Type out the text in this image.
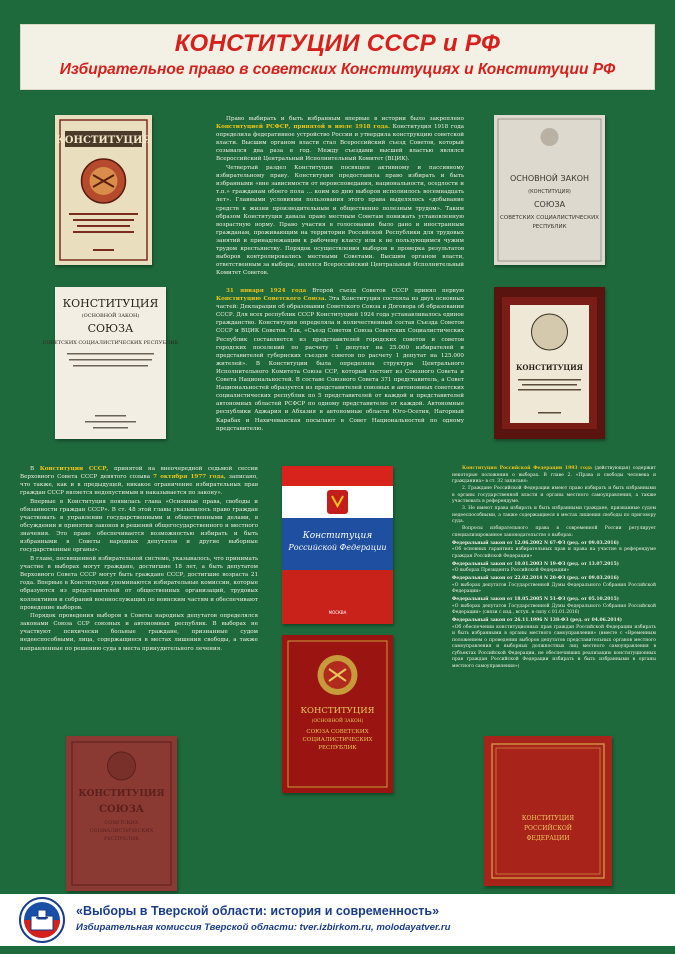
КОНСТИТУЦИИ СССР и РФ
Избирательное право в советских Конституциях и Конституции РФ
КОНСТИТУЦИЯ

Право выбирать и быть избранным впервые в истории было закреплено Конституцией РСФСР, принятой в июле 1918 года. Конституция 1918 года определила федеративное устройство России и утвердила конструкцию советской власти. Высшим органом власти стал Всероссийский съезд Советов, который созывался два раза в год. Между съездами высшей властью являлся Всероссийский Центральный Исполнительный Комитет (ВЦИК).

Четвертый раздел Конституции посвящен активному и пассивному избирательному праву. Конституция предоставила право избирать и быть избранными «вне зависимости от вероисповедания, национальности, оседлости и т.п.» гражданам обоего пола … коим ко дню выборов исполнилось восемнадцать лет». Главными условиями пользования этого права выделялось «добывание средств к жизни производительным и общественно полезным трудом». Таким образом Конституция давала право местным Советам понижать установленную возрастную норму. Право участия в голосовании было дано и иностранным гражданам, проживающим на территории Российской Республики для трудовых занятий и принадлежащим к рабочему классу или к не пользующимся чужим трудом крестьянству. Порядок осуществления выборов и проверка результатов выборов контролировались местными Советами. Высшим органом власти, ответственным за выборы, являлся Всероссийский Центральный Исполнительный Комитет Советов.

ОСНОВНОЙ ЗАКОН
(КОНСТИТУЦИЯ)
СОЮЗА
СОВЕТСКИХ СОЦИАЛИСТИЧЕСКИХ
РЕСПУБЛИК
КОНСТИТУЦИЯ
(ОСНОВНОЙ ЗАКОН)
СОЮЗА
СОВЕТСКИХ СОЦИАЛИСТИЧЕСКИХ РЕСПУБЛИК

31 января 1924 года Второй съезд Советов СССР принял первую Конституцию Советского Союза. Эта Конституция состояла из двух основных частей: Декларации об образовании Советского Союза и Договора об образовании СССР. Для всех республик СССР Конституцией 1924 года устанавливалось единое гражданство. Конституция определяла и количественный состав Съезда Советов СССР и ВЦИК Советов. Так, «Съезд Советов Союза Советских Социалистических Республик составляется из представителей городских советов и советов городских поселений по расчету 1 депутат на 25.000 избирателей и представителей губернских съездов советов по расчету 1 депутат на 125.000 жителей». В Конституции была определена структура Центрального Исполнительного Комитета Союза ССР, который состоит из Союзного Совета и Совета Национальностей. В составе Союзного Совета 371 представитель, а Совет Национальностей образуется из представителей союзных и автономных советских социалистических республик по 5 представителей от каждой и представителей автономных областей РСФСР по одному представителю от каждой. Автономные республики Аджария и Абхазия и автономные области Юго-Осетия, Нагорный Карабах и Нахичеванская посылают в Совет Национальностей по одному представителю.

КОНСТИТУЦИЯ

В Конституции СССР, принятой на внеочередной седьмой сессии Верховного Совета СССР девятого созыва 7 октября 1977 года, записано, что также, как и в предыдущей, никакое ограничение избирательных прав граждан СССР является недопустимым и наказывается по закону».

Впервые в Конституция появилась глава «Основные права, свободы и обязанности граждан СССР». В ст. 48 этой главы указывалось право граждан участвовать в управлении государственными и общественными делами, в обсуждении и принятии законов и решений общегосударственного и местного значения. Это право обеспечивается возможностью избирать и быть избранными в Советы народных депутатов и другие выборные государственные органы».

В главе, посвященной избирательной системе, указывалось, что принимать участие в выборах могут граждане, достигшие 18 лет, а быть депутатом Верховного Совета СССР могут быть граждане СССР, достигшие возраста 21 года. Впервые в Конституции упоминаются избирательные комиссии, которые образуются из представителей от общественных организаций, трудовых коллективов и собраний военнослужащих по воинским частям и обеспечивают проведение выборов.

Порядок проведения выборов в Советы народных депутатов определялся законами Союза ССР союзных и автономных республик. В выборах не участвуют психически больные граждане, признанные судом недееспособными, лица, содержащиеся в местах лишения свободы, а также направленные по решению суда в места принудительного лечения.

Конституция
Российской Федерации
МОСКВА

Конституция Российской Федерации 1993 года (действующая) содержит некоторые положения о выборах. В главе 2. «Права и свободы человека и гражданина» в ст. 32 записано:

2. Граждане Российской Федерации имеют право избирать и быть избранными в органы государственной власти и органы местного самоуправления, а также участвовать в референдуме.

3. Не имеют права избирать и быть избранными граждане, признанные судом недееспособными, а также содержащиеся в местах лишения свободы по приговору суда.

Вопросы избирательного права в современной России регулирует специализированное законодательство о выборах:

Федеральный закон от 12.06.2002 N 67-ФЗ (ред. от 09.03.2016)
«Об основных гарантиях избирательных прав и права на участие в референдуме граждан Российской Федерации»
Федеральный закон от 10.01.2003 N 19-ФЗ (ред. от 13.07.2015)
«О выборах Президента Российской Федерации»
Федеральный закон от 22.02.2014 N 20-ФЗ (ред. от 09.03.2016)
«О выборах депутатов Государственной Думы Федерального Собрания Российской Федерации»
Федеральный закон от 18.05.2005 N 51-ФЗ (ред. от 05.10.2015)
«О выборах депутатов Государственной Думы Федерального Собрания Российской Федерации» (связи с изд., вступ. в силу с 01.01.2016)
Федеральный закон от 26.11.1996 N 138-ФЗ (ред. от 04.06.2014)
«Об обеспечении конституционных прав граждан Российской Федерации избирать и быть избранными в органы местного самоуправления» (вместе с «Временным положением о проведении выборов депутатов представительных органов местного самоуправления и выборных должностных лиц местного самоуправления в субъектах Российской Федерации, не обеспечивших реализацию конституционных прав граждан Российской Федерации избирать и быть избранными в органы местного самоуправления»)
КОНСТИТУЦИЯ
СОЮЗА
СОВЕТСКИХ
СОЦИАЛИСТИЧЕСКИХ
РЕСПУБЛИК
КОНСТИТУЦИЯ
(ОСНОВНОЙ ЗАКОН)
СОЮЗА СОВЕТСКИХ
СОЦИАЛИСТИЧЕСКИХ
РЕСПУБЛИК
КОНСТИТУЦИЯ
РОССИЙСКОЙ
ФЕДЕРАЦИИ
«Выборы в Тверской области: история и современность»
Избирательная комиссия Тверской области: tver.izbirkom.ru, molodayatver.ru
